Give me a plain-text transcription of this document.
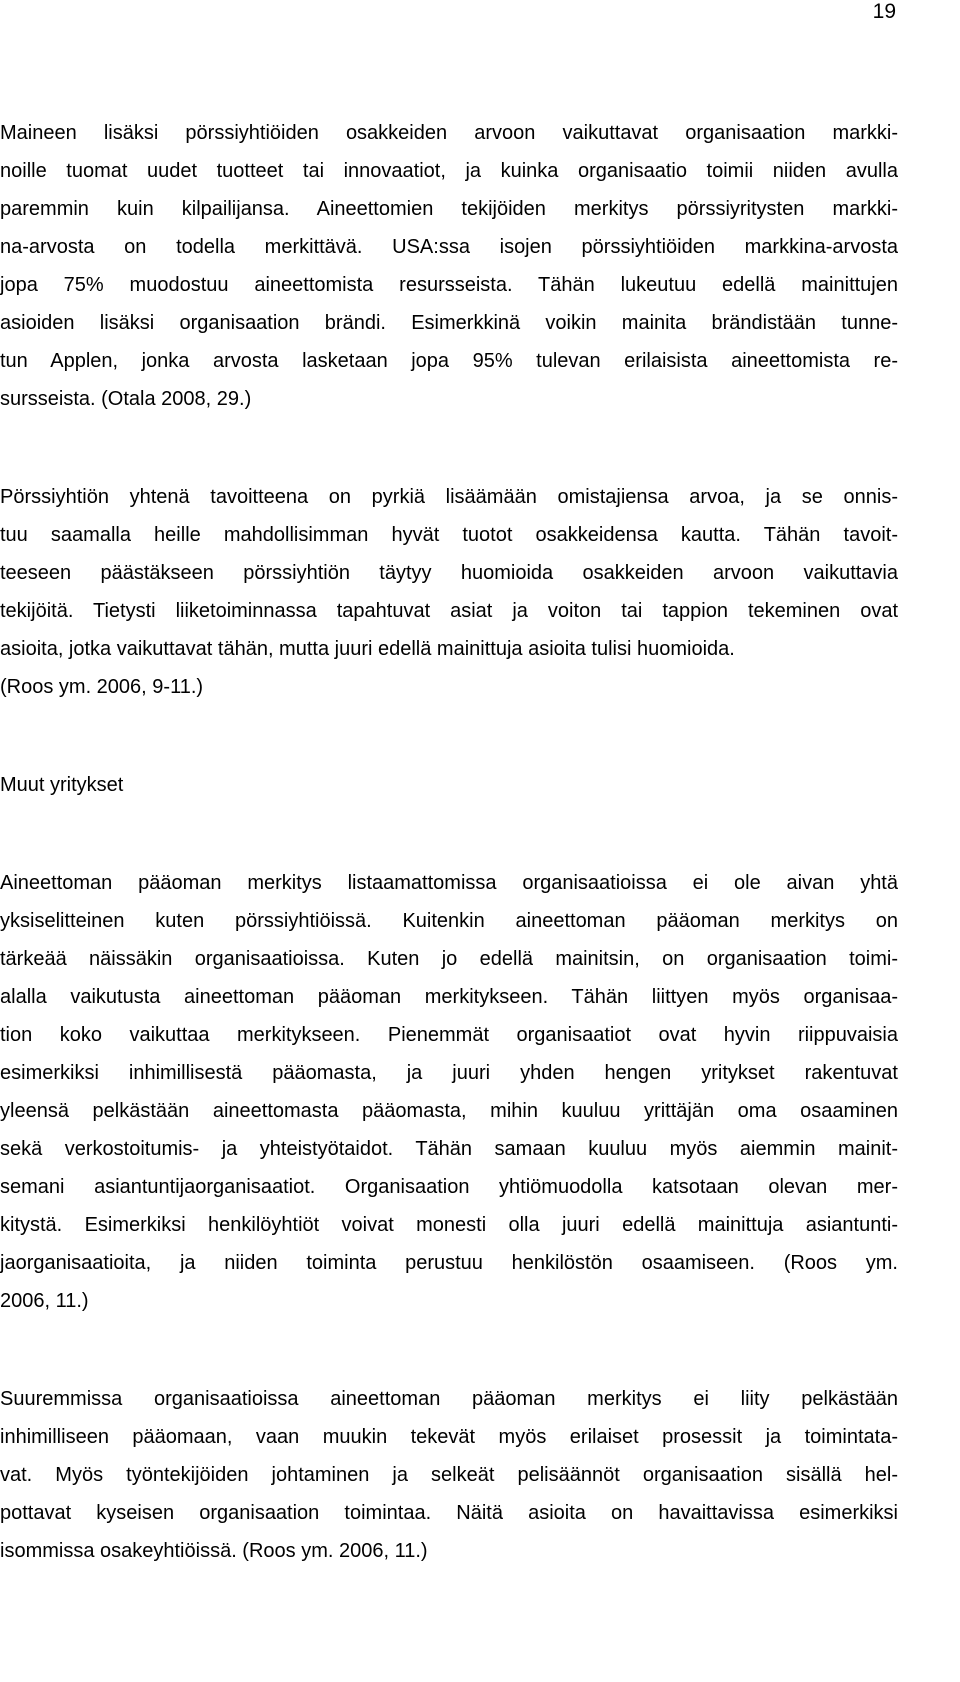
19
Maineen lisäksi pörssiyhtiöiden osakkeiden arvoon vaikuttavat organisaation markki-
noille tuomat uudet tuotteet tai innovaatiot, ja kuinka organisaatio toimii niiden avulla
paremmin kuin kilpailijansa. Aineettomien tekijöiden merkitys pörssiyritysten markki-
na-arvosta on todella merkittävä. USA:ssa isojen pörssiyhtiöiden markkina-arvosta
jopa 75% muodostuu aineettomista resursseista. Tähän lukeutuu edellä mainittujen
asioiden lisäksi organisaation brändi. Esimerkkinä voikin mainita brändistään tunne-
tun Applen, jonka arvosta lasketaan jopa 95% tulevan erilaisista aineettomista re-
sursseista. (Otala 2008, 29.)
Pörssiyhtiön yhtenä tavoitteena on pyrkiä lisäämään omistajiensa arvoa, ja se onnis-
tuu saamalla heille mahdollisimman hyvät tuotot osakkeidensa kautta. Tähän tavoit-
teeseen päästäkseen pörssiyhtiön täytyy huomioida osakkeiden arvoon vaikuttavia
tekijöitä. Tietysti liiketoiminnassa tapahtuvat asiat ja voiton tai tappion tekeminen ovat
asioita, jotka vaikuttavat tähän, mutta juuri edellä mainittuja asioita tulisi huomioida.
(Roos ym. 2006, 9-11.)
Muut yritykset
Aineettoman pääoman merkitys listaamattomissa organisaatioissa ei ole aivan yhtä
yksiselitteinen kuten pörssiyhtiöissä. Kuitenkin aineettoman pääoman merkitys on
tärkeää näissäkin organisaatioissa. Kuten jo edellä mainitsin, on organisaation toimi-
alalla vaikutusta aineettoman pääoman merkitykseen. Tähän liittyen myös organisaa-
tion koko vaikuttaa merkitykseen. Pienemmät organisaatiot ovat hyvin riippuvaisia
esimerkiksi inhimillisestä pääomasta, ja juuri yhden hengen yritykset rakentuvat
yleensä pelkästään aineettomasta pääomasta, mihin kuuluu yrittäjän oma osaaminen
sekä verkostoitumis- ja yhteistyötaidot. Tähän samaan kuuluu myös aiemmin mainit-
semani asiantuntijaorganisaatiot. Organisaation yhtiömuodolla katsotaan olevan mer-
kitystä. Esimerkiksi henkilöyhtiöt voivat monesti olla juuri edellä mainittuja asiantunti-
jaorganisaatioita, ja niiden toiminta perustuu henkilöstön osaamiseen. (Roos ym.
2006, 11.)
Suuremmissa organisaatioissa aineettoman pääoman merkitys ei liity pelkästään
inhimilliseen pääomaan, vaan muukin tekevät myös erilaiset prosessit ja toimintata-
vat. Myös työntekijöiden johtaminen ja selkeät pelisäännöt organisaation sisällä hel-
pottavat kyseisen organisaation toimintaa. Näitä asioita on havaittavissa esimerkiksi
isommissa osakeyhtiöissä. (Roos ym. 2006, 11.)
